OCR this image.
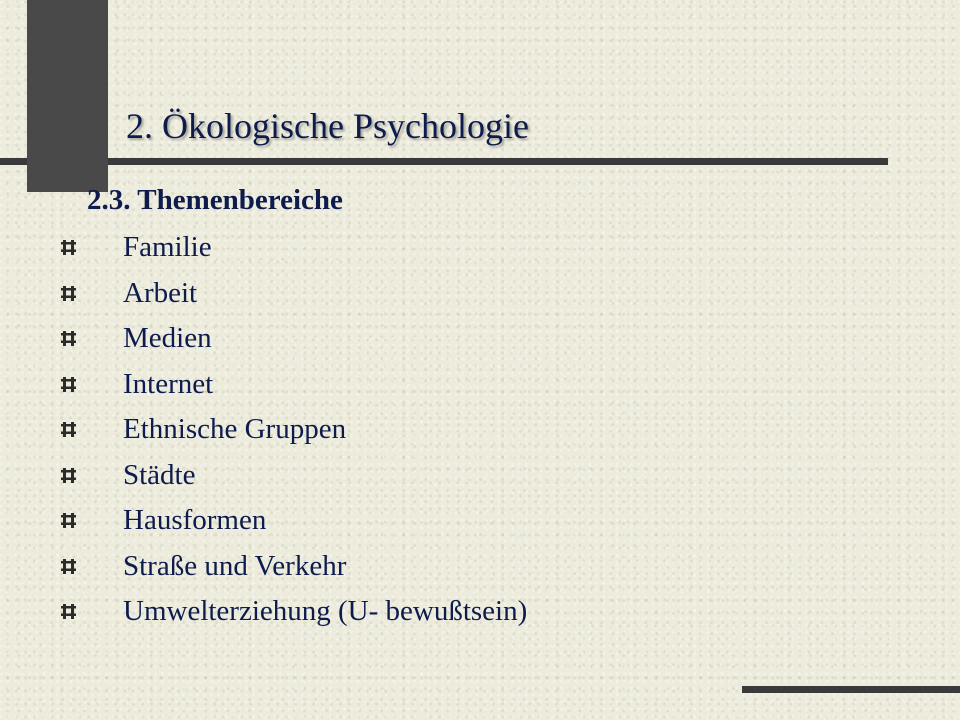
2. Ökologische Psychologie
2.3. Themenbereiche
Familie
Arbeit
Medien
Internet
Ethnische Gruppen
Städte
Hausformen
Straße und Verkehr
Umwelterziehung (U- bewußtsein)
